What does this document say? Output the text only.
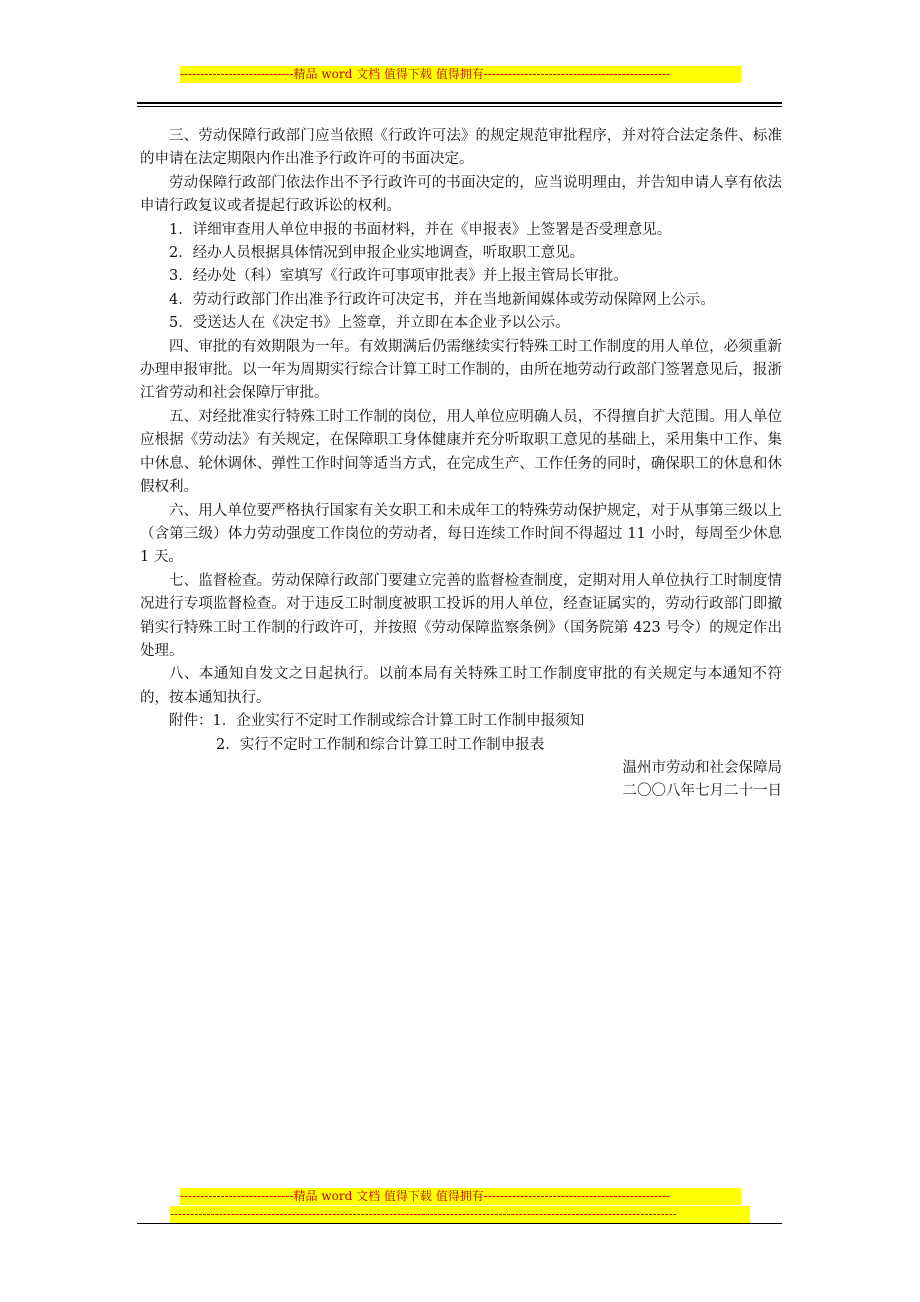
----------------------------精品 word 文档 值得下载 值得拥有----------------------------------------------

三、劳动保障行政部门应当依照《行政许可法》的规定规范审批程序，并对符合法定条件、标准的申请在法定期限内作出准予行政许可的书面决定。

劳动保障行政部门依法作出不予行政许可的书面决定的，应当说明理由，并告知申请人享有依法申请行政复议或者提起行政诉讼的权利。

1．详细审查用人单位申报的书面材料，并在《申报表》上签署是否受理意见。

2．经办人员根据具体情况到申报企业实地调查，听取职工意见。

3．经办处（科）室填写《行政许可事项审批表》并上报主管局长审批。

4．劳动行政部门作出准予行政许可决定书，并在当地新闻媒体或劳动保障网上公示。

5．受送达人在《决定书》上签章，并立即在本企业予以公示。

四、审批的有效期限为一年。有效期满后仍需继续实行特殊工时工作制度的用人单位，必须重新办理申报审批。以一年为周期实行综合计算工时工作制的，由所在地劳动行政部门签署意见后，报浙江省劳动和社会保障厅审批。

五、对经批准实行特殊工时工作制的岗位，用人单位应明确人员，不得擅自扩大范围。用人单位应根据《劳动法》有关规定，在保障职工身体健康并充分听取职工意见的基础上，采用集中工作、集中休息、轮休调休、弹性工作时间等适当方式，在完成生产、工作任务的同时，确保职工的休息和休假权利。

六、用人单位要严格执行国家有关女职工和未成年工的特殊劳动保护规定，对于从事第三级以上（含第三级）体力劳动强度工作岗位的劳动者，每日连续工作时间不得超过 11 小时，每周至少休息 1 天。

七、监督检查。劳动保障行政部门要建立完善的监督检查制度，定期对用人单位执行工时制度情况进行专项监督检查。对于违反工时制度被职工投诉的用人单位，经查证属实的，劳动行政部门即撤销实行特殊工时工作制的行政许可，并按照《劳动保障监察条例》（国务院第 423 号令）的规定作出处理。

八、本通知自发文之日起执行。以前本局有关特殊工时工作制度审批的有关规定与本通知不符的，按本通知执行。

附件：1．企业实行不定时工作制或综合计算工时工作制申报须知

2．实行不定时工作制和综合计算工时工作制申报表

温州市劳动和社会保障局

二〇〇八年七月二十一日

----------------------------精品 word 文档 值得下载 值得拥有----------------------------------------------
-----------------------------------------------------------------------------------------------------------------------------
